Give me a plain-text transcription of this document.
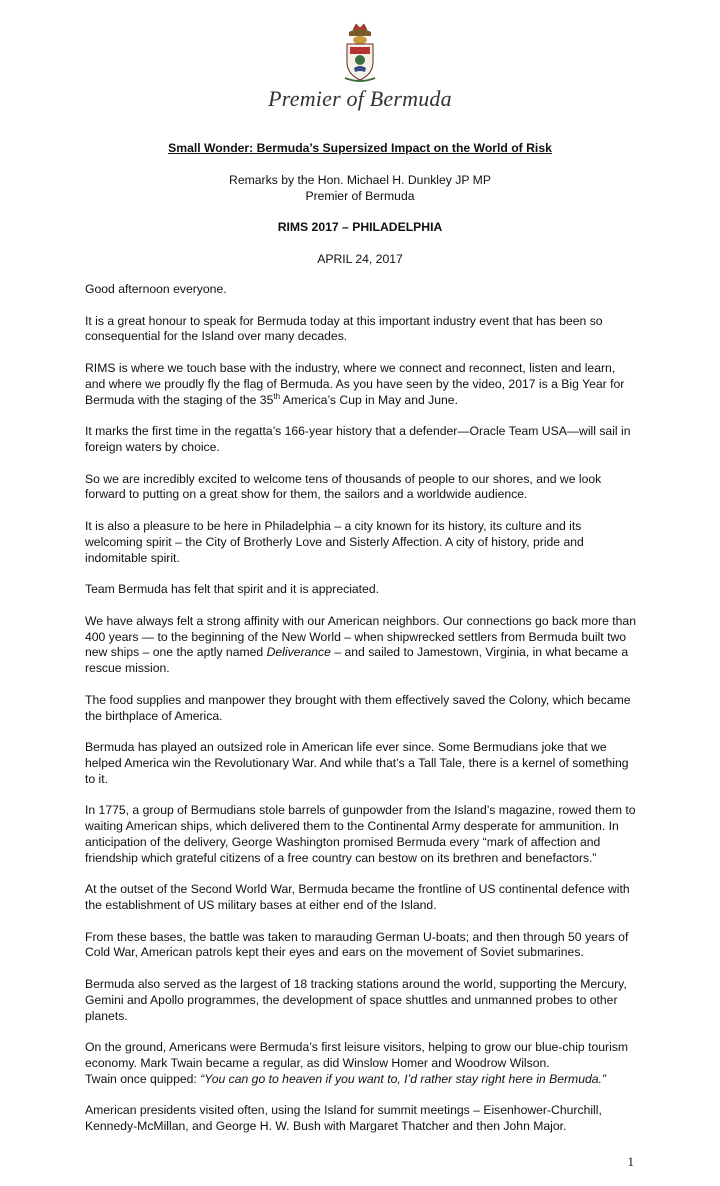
Premier of Bermuda
Small Wonder: Bermuda’s Supersized Impact on the World of Risk
Remarks by the Hon. Michael H. Dunkley JP MP
Premier of Bermuda
RIMS 2017 – PHILADELPHIA
APRIL 24, 2017

Good afternoon everyone.

It is a great honour to speak for Bermuda today at this important industry event that has been so consequential for the Island over many decades.

RIMS is where we touch base with the industry, where we connect and reconnect, listen and learn, and where we proudly fly the flag of Bermuda. As you have seen by the video, 2017 is a Big Year for Bermuda with the staging of the 35th America’s Cup in May and June.

It marks the first time in the regatta’s 166-year history that a defender—Oracle Team USA—will sail in foreign waters by choice.

So we are incredibly excited to welcome tens of thousands of people to our shores, and we look forward to putting on a great show for them, the sailors and a worldwide audience.

It is also a pleasure to be here in Philadelphia – a city known for its history, its culture and its welcoming spirit – the City of Brotherly Love and Sisterly Affection. A city of history, pride and indomitable spirit.

Team Bermuda has felt that spirit and it is appreciated.

We have always felt a strong affinity with our American neighbors. Our connections go back more than 400 years — to the beginning of the New World – when shipwrecked settlers from Bermuda built two new ships – one the aptly named Deliverance – and sailed to Jamestown, Virginia, in what became a rescue mission.

The food supplies and manpower they brought with them effectively saved the Colony, which became the birthplace of America.

Bermuda has played an outsized role in American life ever since. Some Bermudians joke that we helped America win the Revolutionary War. And while that’s a Tall Tale, there is a kernel of something to it.

In 1775, a group of Bermudians stole barrels of gunpowder from the Island’s magazine, rowed them to waiting American ships, which delivered them to the Continental Army desperate for ammunition. In anticipation of the delivery, George Washington promised Bermuda every “mark of affection and friendship which grateful citizens of a free country can bestow on its brethren and benefactors.”

At the outset of the Second World War, Bermuda became the frontline of US continental defence with the establishment of US military bases at either end of the Island.

From these bases, the battle was taken to marauding German U-boats; and then through 50 years of Cold War, American patrols kept their eyes and ears on the movement of Soviet submarines.

Bermuda also served as the largest of 18 tracking stations around the world, supporting the Mercury, Gemini and Apollo programmes, the development of space shuttles and unmanned probes to other planets.

On the ground, Americans were Bermuda’s first leisure visitors, helping to grow our blue-chip tourism economy. Mark Twain became a regular, as did Winslow Homer and Woodrow Wilson.
Twain once quipped: “You can go to heaven if you want to, I’d rather stay right here in Bermuda.”

American presidents visited often, using the Island for summit meetings – Eisenhower-Churchill, Kennedy-McMillan, and George H. W. Bush with Margaret Thatcher and then John Major.

1
